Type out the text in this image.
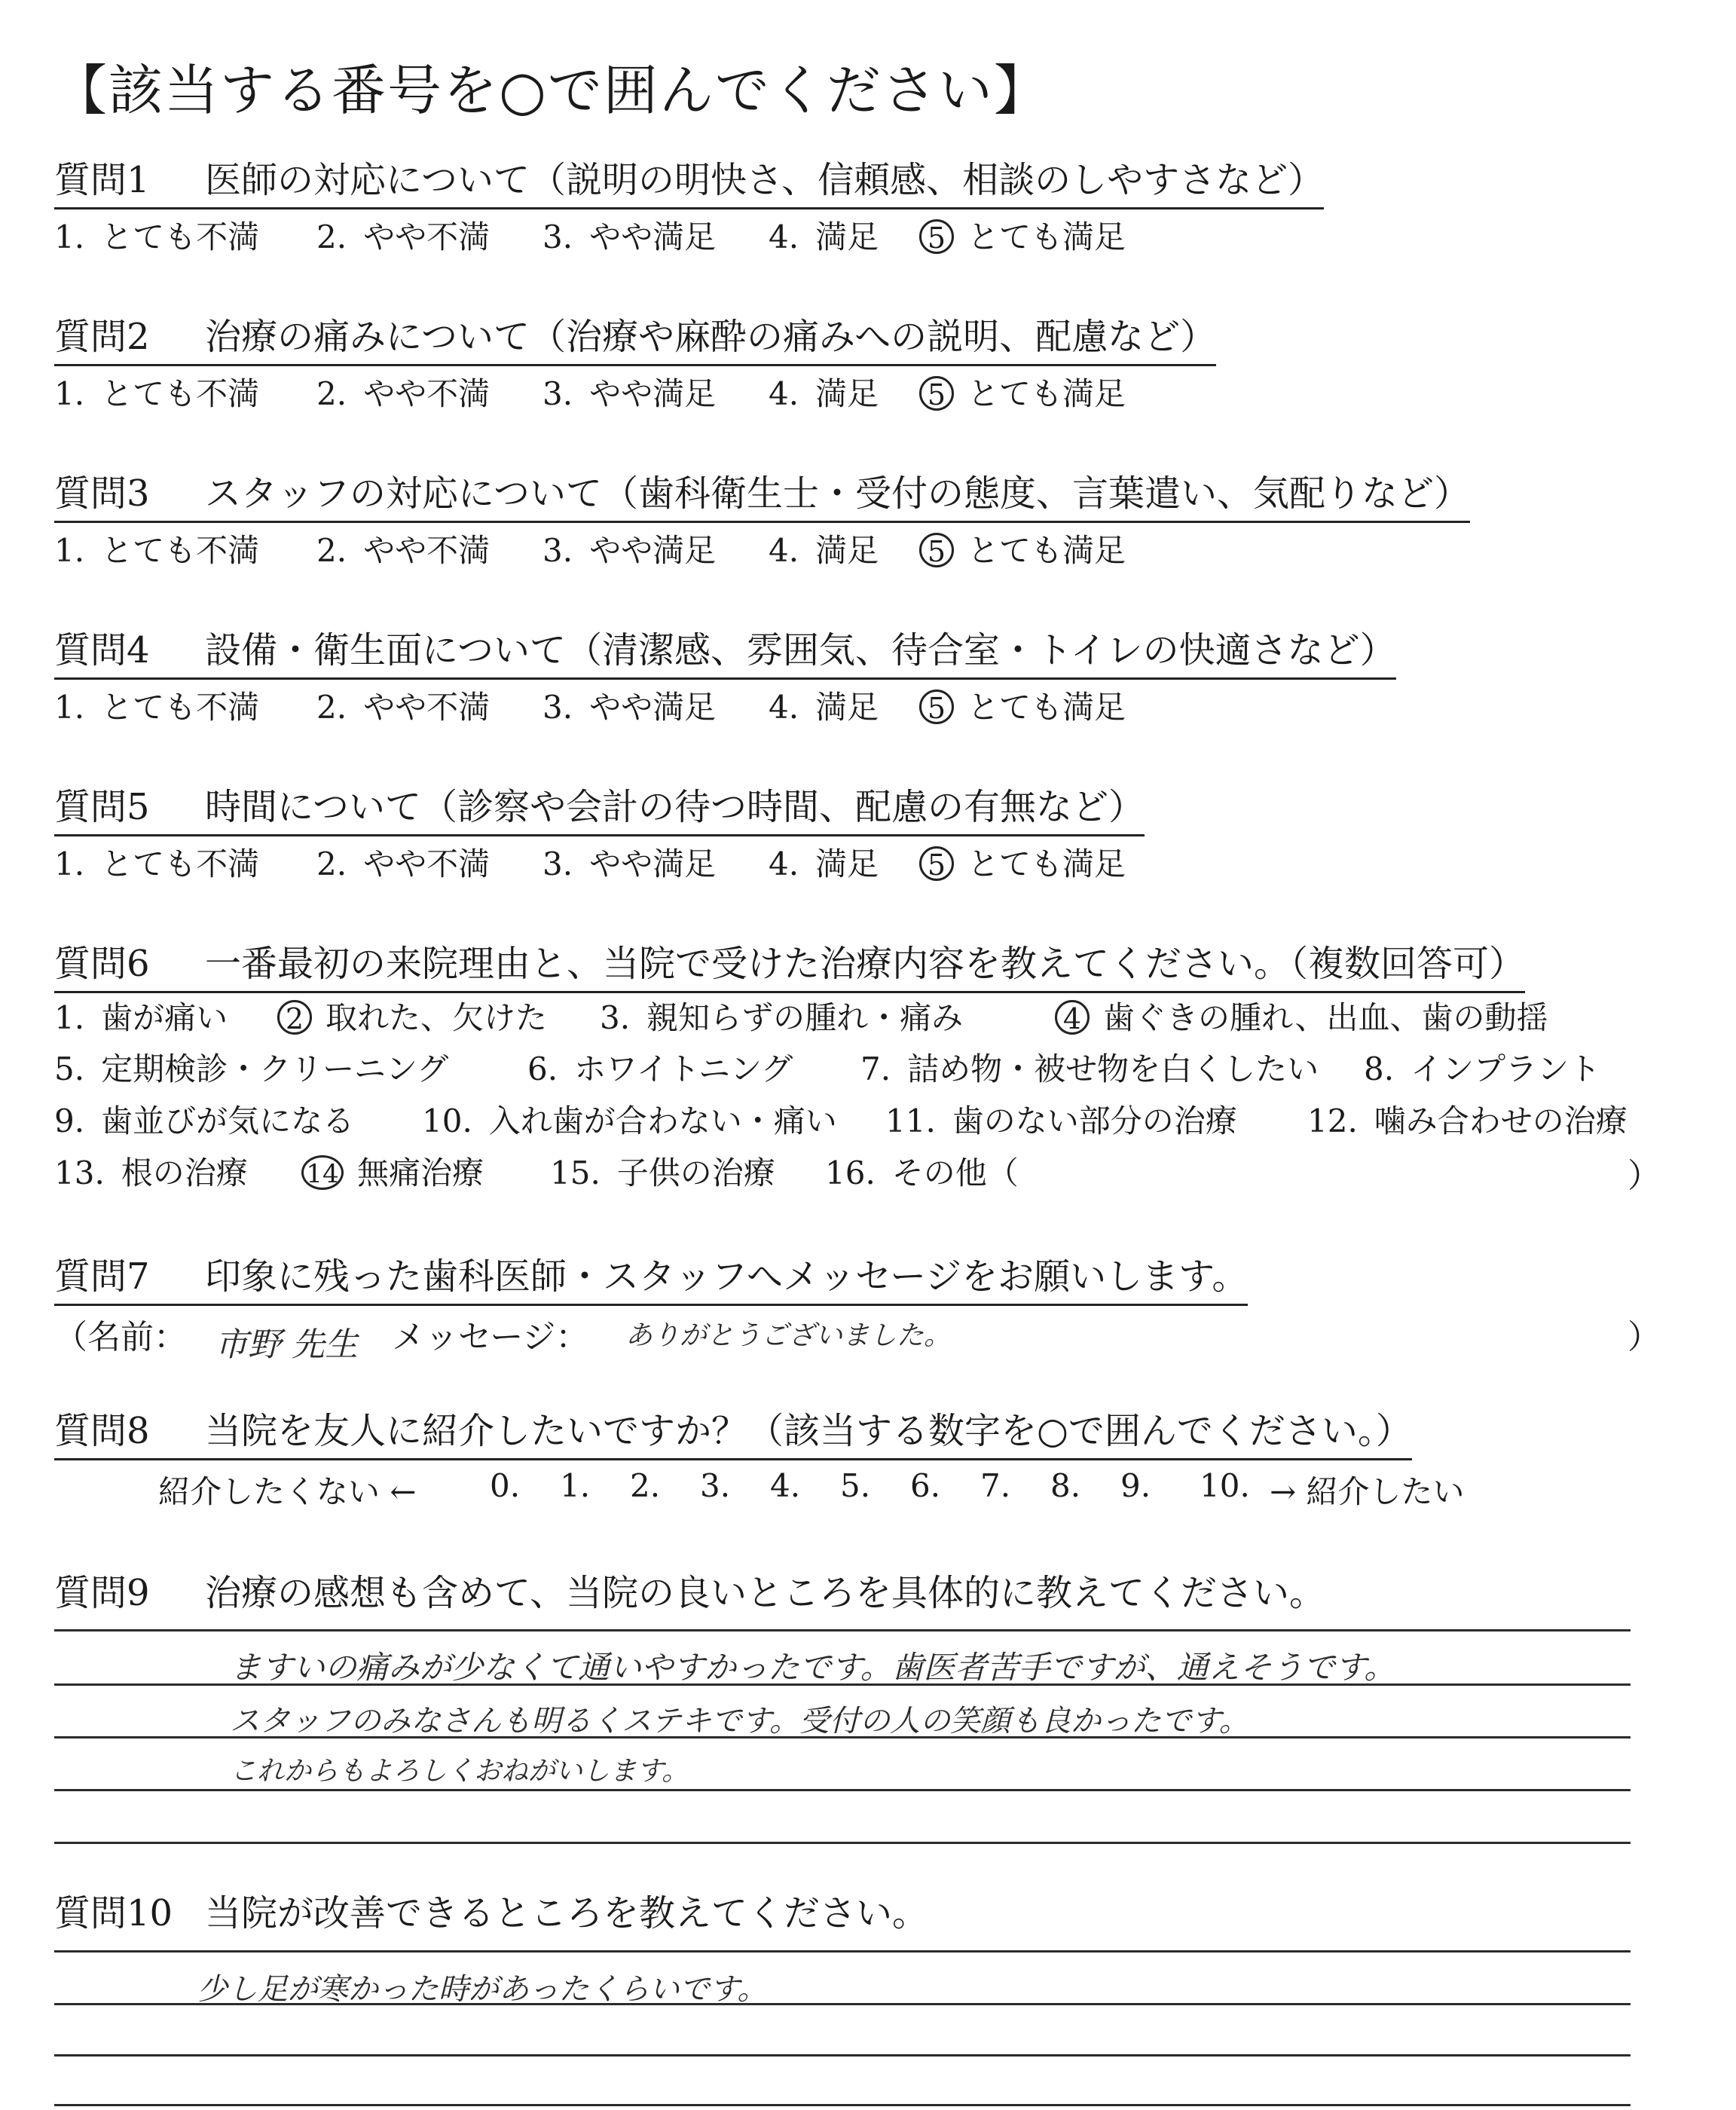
【該当する番号を○で囲んでください】
質問1 医師の対応について（説明の明快さ、信頼感、相談のしやすさなど）
1. とても不満 2. やや不満 3. やや満足 4. 満足 5 とても満足
質問2 治療の痛みについて（治療や麻酔の痛みへの説明、配慮など）
1. とても不満 2. やや不満 3. やや満足 4. 満足 5 とても満足
質問3 スタッフの対応について（歯科衛生士・受付の態度、言葉遣い、気配りなど）
1. とても不満 2. やや不満 3. やや満足 4. 満足 5 とても満足
質問4 設備・衛生面について（清潔感、雰囲気、待合室・トイレの快適さなど）
1. とても不満 2. やや不満 3. やや満足 4. 満足 5 とても満足
質問5 時間について（診察や会計の待つ時間、配慮の有無など）
1. とても不満 2. やや不満 3. やや満足 4. 満足 5 とても満足
質問6 一番最初の来院理由と、当院で受けた治療内容を教えてください。（複数回答可）
1. 歯が痛い 2 取れた、欠けた 3. 親知らずの腫れ・痛み	4 歯ぐきの腫れ、出血、歯の動揺
5. 定期検診・クリーニング 6. ホワイトニング 7. 詰め物・被せ物を白くしたい 8. インプラント
9. 歯並びが気になる 10. 入れ歯が合わない・痛い 11. 歯のない部分の治療 12. 噛み合わせの治療
13. 根の治療 14 無痛治療 15. 子供の治療 16. その他（	）
質問7 印象に残った歯科医師・スタッフへメッセージをお願いします。
（名前： 市野 先生 メッセージ： ありがとうございました。	）
質問8 当院を友人に紹介したいですか？（該当する数字を○で囲んでください。）
紹介したくない ← 0. 1. 2. 3. 4. 5. 6. 7. 8. 9. 10. → 紹介したい
質問9 治療の感想も含めて、当院の良いところを具体的に教えてください。
ますいの痛みが少なくて通いやすかったです。歯医者苦手ですが、通えそうです。
スタッフのみなさんも明るくステキです。受付の人の笑顔も良かったです。
これからもよろしくおねがいします。
質問10 当院が改善できるところを教えてください。
少し足が寒かった時があったくらいです。
